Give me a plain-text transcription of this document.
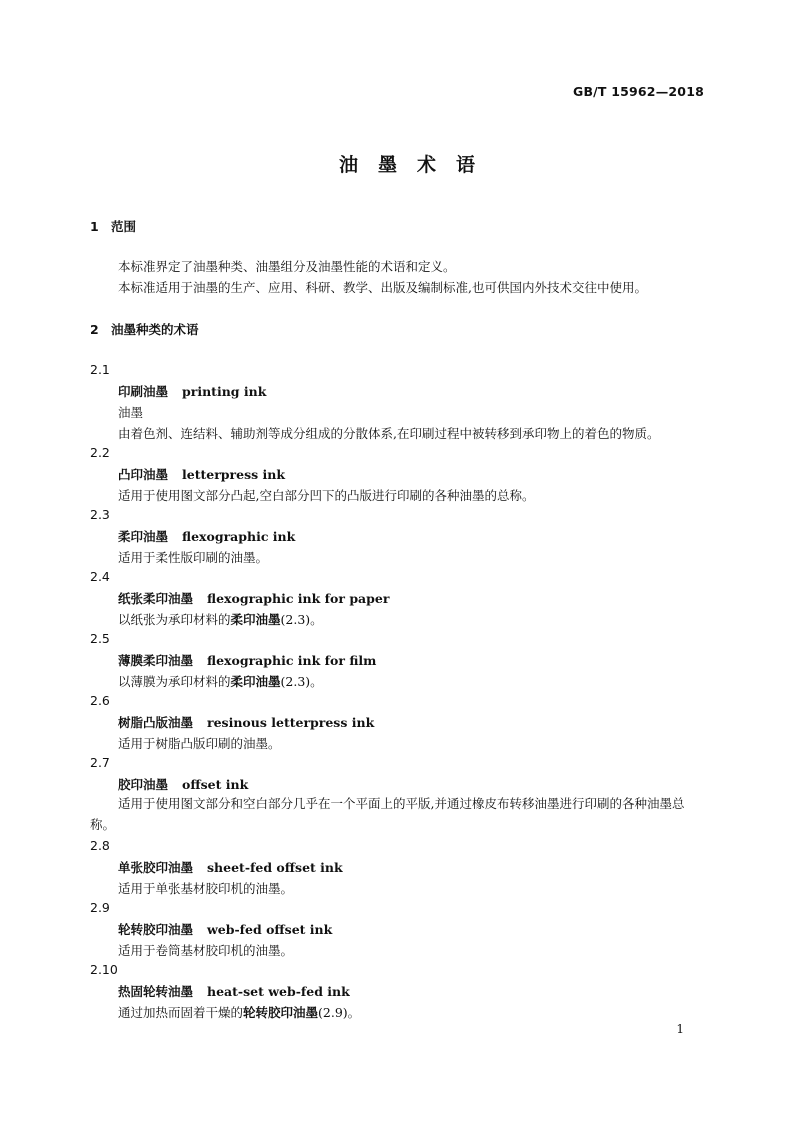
GB/T 15962—2018
油墨术语
1 范围
本标准界定了油墨种类、油墨组分及油墨性能的术语和定义。
本标准适用于油墨的生产、应用、科研、教学、出版及编制标准,也可供国内外技术交往中使用。
2 油墨种类的术语
2.1
印刷油墨 printing ink
油墨
由着色剂、连结料、辅助剂等成分组成的分散体系,在印刷过程中被转移到承印物上的着色的物质。
2.2
凸印油墨 letterpress ink
适用于使用图文部分凸起,空白部分凹下的凸版进行印刷的各种油墨的总称。
2.3
柔印油墨 flexographic ink
适用于柔性版印刷的油墨。
2.4
纸张柔印油墨 flexographic ink for paper
以纸张为承印材料的柔印油墨(2.3)。
2.5
薄膜柔印油墨 flexographic ink for film
以薄膜为承印材料的柔印油墨(2.3)。
2.6
树脂凸版油墨 resinous letterpress ink
适用于树脂凸版印刷的油墨。
2.7
胶印油墨 offset ink
适用于使用图文部分和空白部分几乎在一个平面上的平版,并通过橡皮布转移油墨进行印刷的各种油墨总称。
2.8
单张胶印油墨 sheet-fed offset ink
适用于单张基材胶印机的油墨。
2.9
轮转胶印油墨 web-fed offset ink
适用于卷筒基材胶印机的油墨。
2.10
热固轮转油墨 heat-set web-fed ink
通过加热而固着干燥的轮转胶印油墨(2.9)。
1
